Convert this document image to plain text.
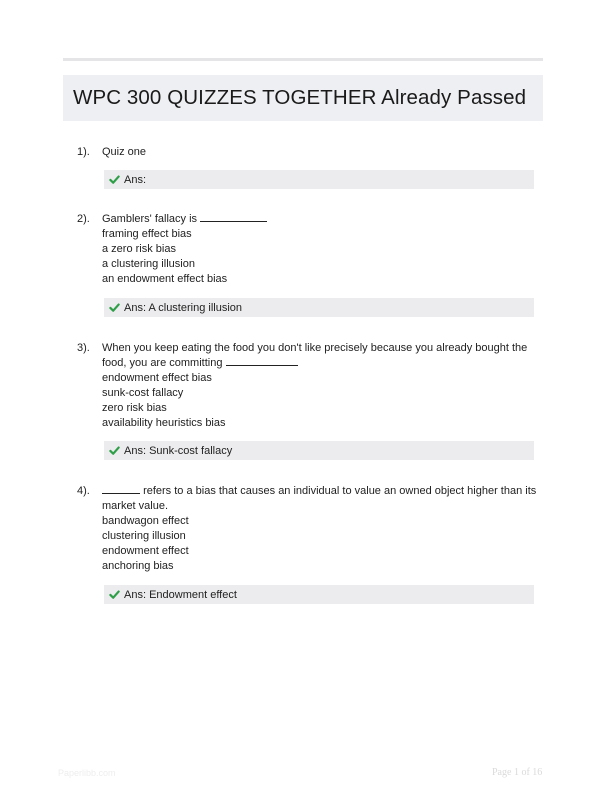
WPC 300 QUIZZES TOGETHER Already Passed
1). Quiz one
Ans:
2). Gamblers' fallacy is
framing effect bias
a zero risk bias
a clustering illusion
an endowment effect bias
Ans: A clustering illusion
3). When you keep eating the food you don't like precisely because you already bought the
food, you are committing
endowment effect bias
sunk-cost fallacy
zero risk bias
availability heuristics bias
Ans: Sunk-cost fallacy
4).	refers to a bias that causes an individual to value an owned object higher than its
market value.
bandwagon effect
clustering illusion
endowment effect
anchoring bias
Ans: Endowment effect
Paperlibb.com	Page 1 of 16
